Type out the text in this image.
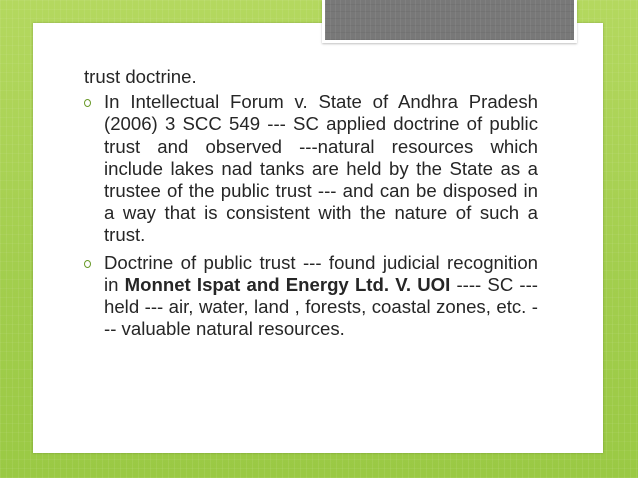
trust doctrine.

In Intellectual Forum v. State of Andhra Pradesh (2006) 3 SCC 549 --- SC applied doctrine of public trust and observed ---natural resources which include lakes nad tanks are held by the State as a trustee of the public trust --- and can be disposed in a way that is consistent with the nature of such a trust.
Doctrine of public trust --- found judicial recognition in Monnet Ispat and Energy Ltd. V. UOI ---- SC --- held --- air, water, land , forests, coastal zones, etc. --- valuable natural resources.
